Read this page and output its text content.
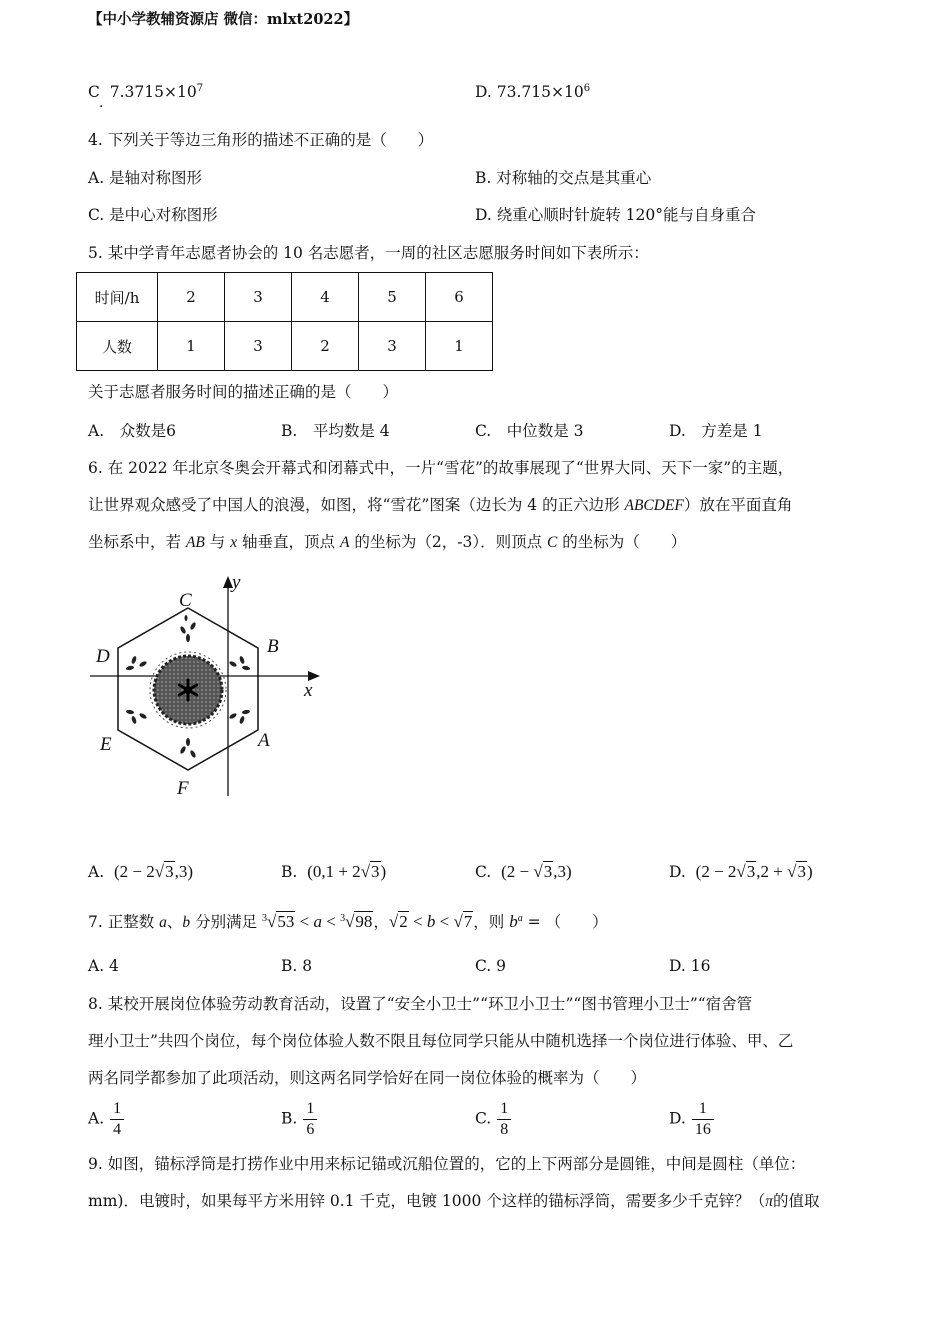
【中小学教辅资源店 微信：mlxt2022】
C $7.3715\times 10^7$
·
D. $73.715\times 10^6$
4. 下列关于等边三角形的描述不正确的是（　　）
A. 是轴对称图形	B. 对称轴的交点是其重心
C. 是中心对称图形	D. 绕重心顺时针旋转 120°能与自身重合
5. 某中学青年志愿者协会的 10 名志愿者，一周的社区志愿服务时间如下表所示：
时间/h	2	3	4	5	6
人数	1	3	2	3	1
关于志愿者服务时间的描述正确的是（　　）
A.　众数是6	B.　平均数是 4	C.　中位数是 3	D.　方差是 1
6. 在 2022 年北京冬奥会开幕式和闭幕式中，一片“雪花”的故事展现了“世界大同、天下一家”的主题，
让世界观众感受了中国人的浪漫，如图，将“雪花”图案（边长为 4 的正六边形 ABCDEF）放在平面直角
坐标系中，若 AB 与 x 轴垂直，顶点 A 的坐标为（2，-3）．则顶点 C 的坐标为（　　）
y
x
C
B
D
E	A
F
A. (2 − 2√3,3)	B. (0,1 + 2√3)	C. (2 − √3,3)	D. (2 − 2√3,2 + √3)
7. 正整数 a、b 分别满足 $^3$√53 < a < $^3$√98，√2 < b < √7，则 $b^a$ = （　　）
A. 4	B. 8	C. 9	D. 16
8. 某校开展岗位体验劳动教育活动，设置了“安全小卫士”“环卫小卫士”“图书管理小卫士”“宿舍管
理小卫士”共四个岗位，每个岗位体验人数不限且每位同学只能从中随机选择一个岗位进行体验、甲、乙
两名同学都参加了此项活动，则这两名同学恰好在同一岗位体验的概率为（　　）
A. $\frac{1}{4}$	B. $\frac{1}{6}$	C. $\frac{1}{8}$	D. $\frac{1}{16}$
9. 如图，锚标浮筒是打捞作业中用来标记锚或沉船位置的，它的上下两部分是圆锥，中间是圆柱（单位：
mm)．电镀时，如果每平方米用锌 0.1 千克，电镀 1000 个这样的锚标浮筒，需要多少千克锌？（π的值取
